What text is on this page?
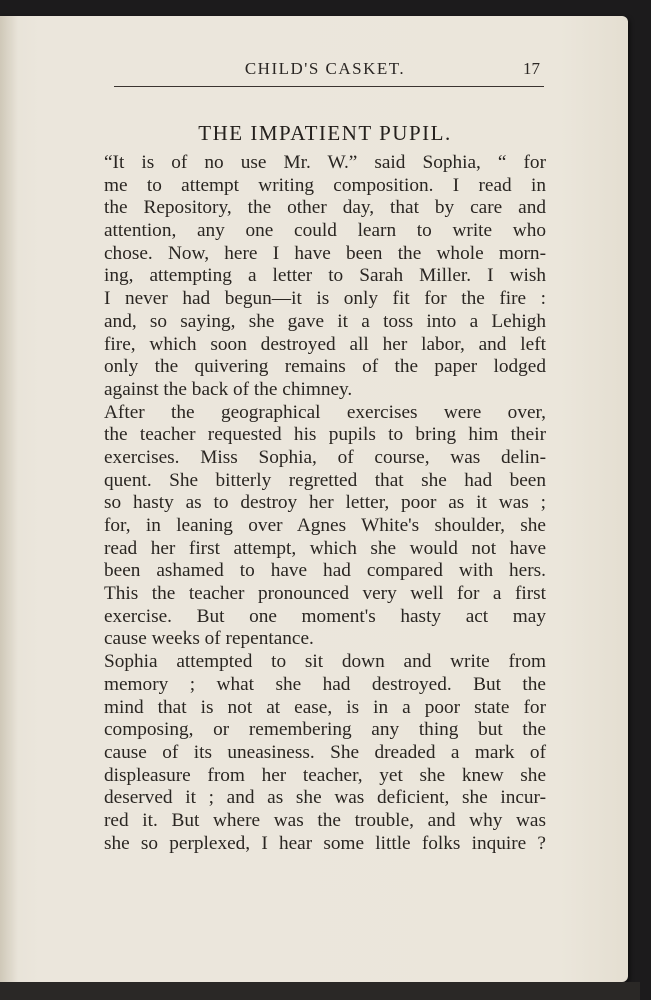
CHILD'S CASKET.	17
THE IMPATIENT PUPIL.
“It is of no use Mr. W.” said Sophia, “ for
me to attempt writing composition. I read in
the Repository, the other day, that by care and
attention, any one could learn to write who
chose. Now, here I have been the whole morn-
ing, attempting a letter to Sarah Miller. I wish
I never had begun—it is only fit for the fire :
and, so saying, she gave it a toss into a Lehigh
fire, which soon destroyed all her labor, and left
only the quivering remains of the paper lodged
against the back of the chimney.
After the geographical exercises were over,
the teacher requested his pupils to bring him their
exercises. Miss Sophia, of course, was delin-
quent. She bitterly regretted that she had been
so hasty as to destroy her letter, poor as it was ;
for, in leaning over Agnes White's shoulder, she
read her first attempt, which she would not have
been ashamed to have had compared with hers.
This the teacher pronounced very well for a first
exercise. But one moment's hasty act may
cause weeks of repentance.
Sophia attempted to sit down and write from
memory ; what she had destroyed. But the
mind that is not at ease, is in a poor state for
composing, or remembering any thing but the
cause of its uneasiness. She dreaded a mark of
displeasure from her teacher, yet she knew she
deserved it ; and as she was deficient, she incur-
red it. But where was the trouble, and why was
she so perplexed, I hear some little folks inquire ?
